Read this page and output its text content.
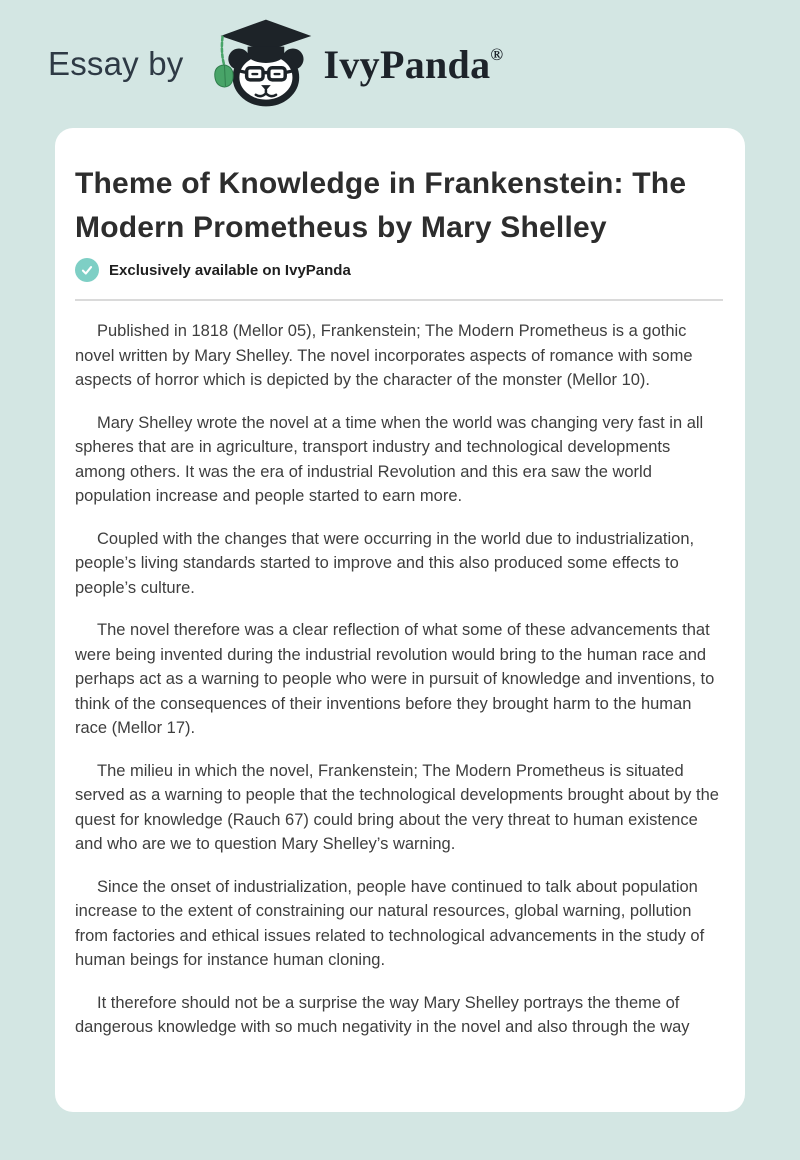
Essay by	IvyPanda®
Theme of Knowledge in Frankenstein: The Modern Prometheus by Mary Shelley
Exclusively available on IvyPanda

Published in 1818 (Mellor 05), Frankenstein; The Modern Prometheus is a gothic novel written by Mary Shelley. The novel incorporates aspects of romance with some aspects of horror which is depicted by the character of the monster (Mellor 10).

Mary Shelley wrote the novel at a time when the world was changing very fast in all spheres that are in agriculture, transport industry and technological developments among others. It was the era of industrial Revolution and this era saw the world population increase and people started to earn more.

Coupled with the changes that were occurring in the world due to industrialization, people’s living standards started to improve and this also produced some effects to people’s culture.

The novel therefore was a clear reflection of what some of these advancements that were being invented during the industrial revolution would bring to the human race and perhaps act as a warning to people who were in pursuit of knowledge and inventions, to think of the consequences of their inventions before they brought harm to the human race (Mellor 17).

The milieu in which the novel, Frankenstein; The Modern Prometheus is situated served as a warning to people that the technological developments brought about by the quest for knowledge (Rauch 67) could bring about the very threat to human existence and who are we to question Mary Shelley’s warning.

Since the onset of industrialization, people have continued to talk about population increase to the extent of constraining our natural resources, global warning, pollution from factories and ethical issues related to technological advancements in the study of human beings for instance human cloning.

It therefore should not be a surprise the way Mary Shelley portrays the theme of dangerous knowledge with so much negativity in the novel and also through the way
